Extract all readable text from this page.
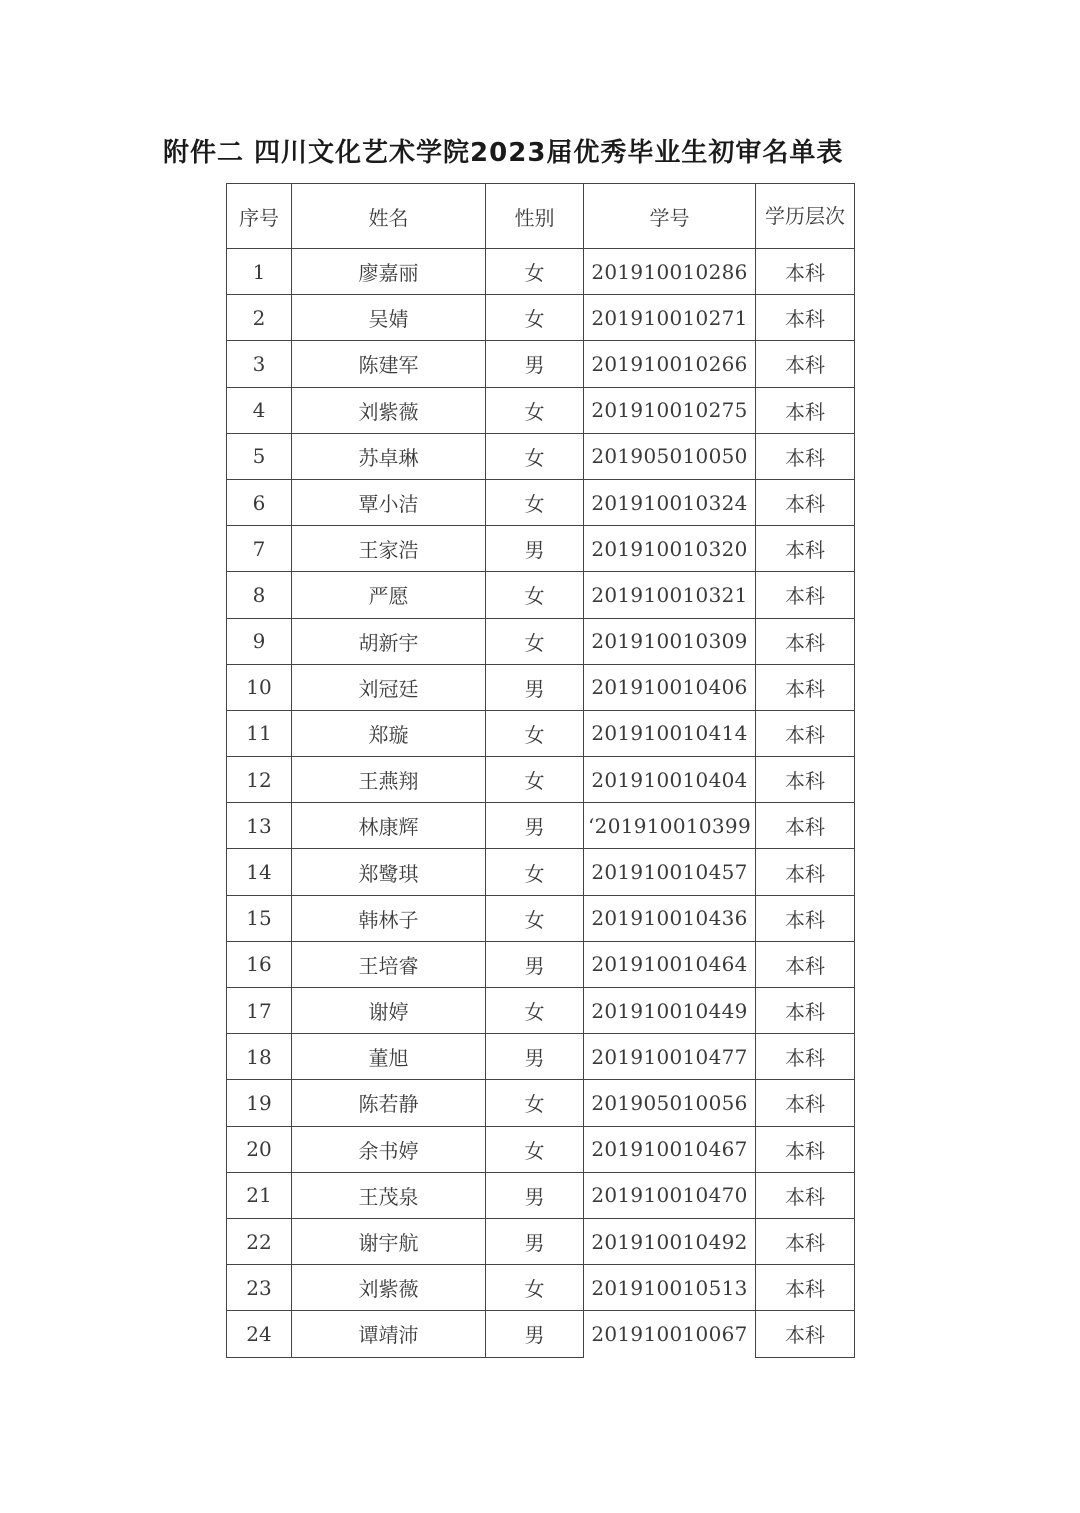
附件二 四川文化艺术学院2023届优秀毕业生初审名单表
序号	姓名	性别	学号	学历层次
1	廖嘉丽	女	201910010286	本科
2	吴婧	女	201910010271	本科
3	陈建军	男	201910010266	本科
4	刘紫薇	女	201910010275	本科
5	苏卓琳	女	201905010050	本科
6	覃小洁	女	201910010324	本科
7	王家浩	男	201910010320	本科
8	严愿	女	201910010321	本科
9	胡新宇	女	201910010309	本科
10	刘冠廷	男	201910010406	本科
11	郑璇	女	201910010414	本科
12	王燕翔	女	201910010404	本科
13	林康辉	男	‘201910010399	本科
14	郑鹭琪	女	201910010457	本科
15	韩林子	女	201910010436	本科
16	王培睿	男	201910010464	本科
17	谢婷	女	201910010449	本科
18	董旭	男	201910010477	本科
19	陈若静	女	201905010056	本科
20	余书婷	女	201910010467	本科
21	王茂泉	男	201910010470	本科
22	谢宇航	男	201910010492	本科
23	刘紫薇	女	201910010513	本科
24	谭靖沛	男	201910010067	本科
